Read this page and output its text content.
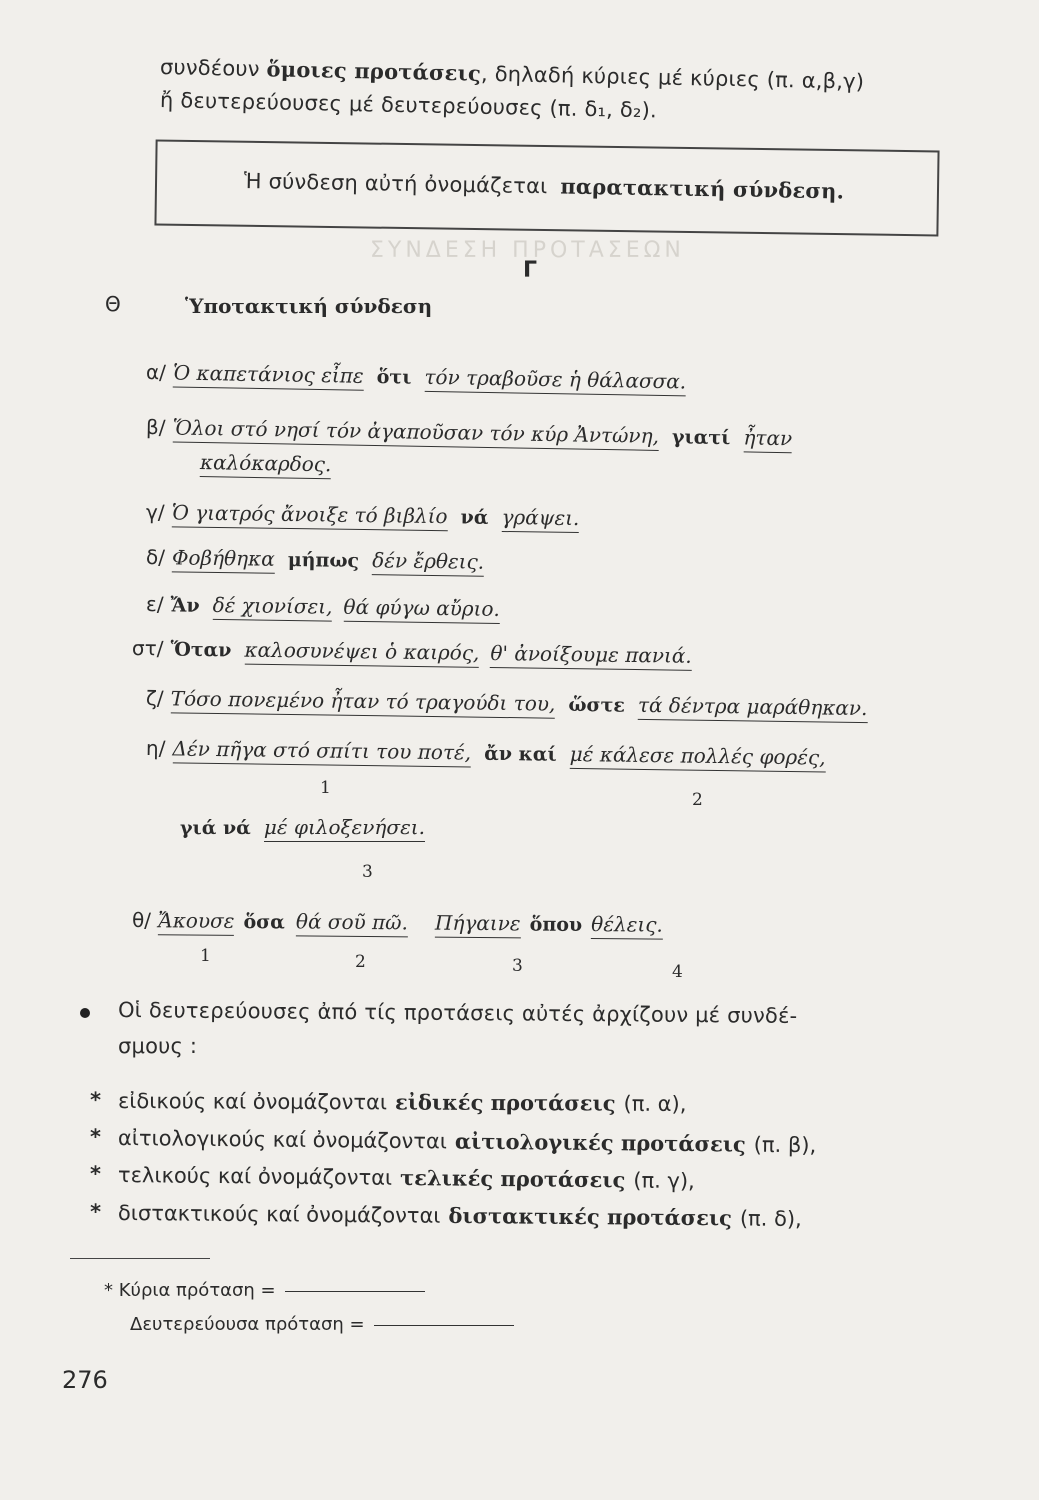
ΣΥΝΔΕΣΗ ΠΡΟΤΑΣΕΩΝ
συνδέουν ὅμοιες προτάσεις, δηλαδή κύριες μέ κύριες (π. α,β,γ)
ἤ δευτερεύουσες μέ δευτερεύουσες (π. δ₁, δ₂).
Ἡ σύνδεση αὐτή ὀνομάζεται παρατακτική σύνδεση.
Γ
Θ	Ὑποτακτική σύνδεση
α/ Ὁ καπετάνιος εἶπε ὅτι τόν τραβοῦσε ἡ θάλασσα.
β/ Ὅλοι στό νησί τόν ἀγαποῦσαν τόν κύρ Ἀντώνη, γιατί ἦταν
καλόκαρδος.
γ/ Ὁ γιατρός ἄνοιξε τό βιβλίο νά γράψει.
δ/ Φοβήθηκα μήπως δέν ἔρθεις.
ε/ Ἄν δέ χιονίσει, θά φύγω αὔριο.
στ/ Ὅταν καλοσυνέψει ὁ καιρός, θ' ἀνοίξουμε πανιά.
ζ/ Τόσο πονεμένο ἦταν τό τραγούδι του, ὥστε τά δέντρα μαράθηκαν.
η/ Δέν πῆγα στό σπίτι του ποτέ, ἄν καί μέ κάλεσε πολλές φορές,
1
2
γιά νά μέ φιλοξενήσει.
3
θ/ Ἄκουσε ὅσα θά σοῦ πῶ. Πήγαινε ὅπου θέλεις.
1	2	3	4
Οἱ δευτερεύουσες ἀπό τίς προτάσεις αὐτές ἀρχίζουν μέ συνδέ-
σμους :
* εἰδικούς καί ὀνομάζονται εἰδικές προτάσεις (π. α),
* αἰτιολογικούς καί ὀνομάζονται αἰτιολογικές προτάσεις (π. β),
* τελικούς καί ὀνομάζονται τελικές προτάσεις (π. γ),
* διστακτικούς καί ὀνομάζονται διστακτικές προτάσεις (π. δ),
* Κύρια πρόταση =
Δευτερεύουσα πρόταση =
276
